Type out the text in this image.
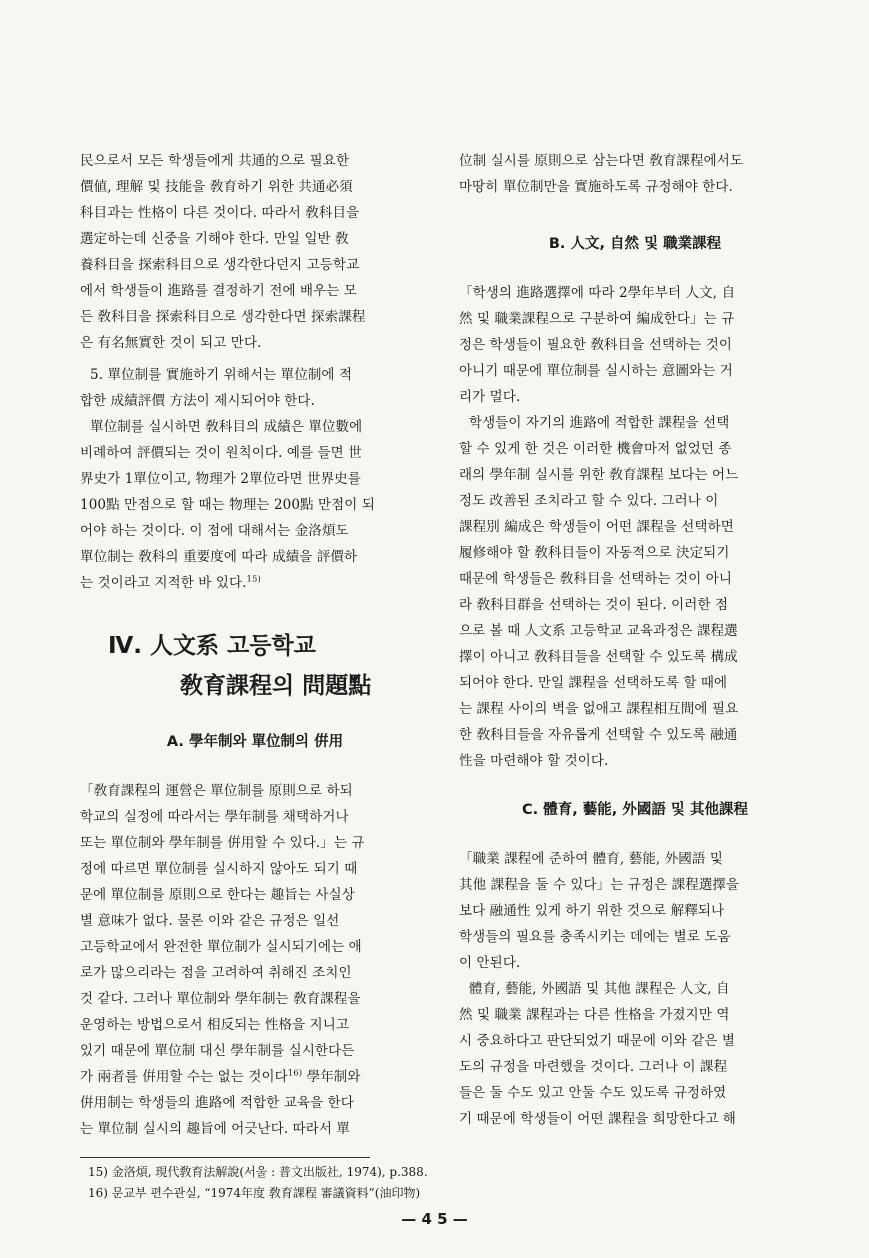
民으로서 모든 학생들에게 共通的으로 필요한
價値, 理解 및 技能을 敎育하기 위한 共通必須
科目과는 性格이 다른 것이다. 따라서 敎科目을
選定하는데 신중을 기해야 한다. 만일 일반 敎
養科目을 探索科目으로 생각한다던지 고등학교
에서 학생들이 進路를 결정하기 전에 배우는 모
든 敎科目을 探索科目으로 생각한다면 探索課程
은 有名無實한 것이 되고 만다.

5. 單位制를 實施하기 위해서는 單位制에 적
합한 成績評價 方法이 제시되어야 한다.

單位制를 실시하면 敎科目의 成績은 單位數에
비례하여 評價되는 것이 원칙이다. 예를 들면 世
界史가 1單位이고, 物理가 2單位라면 世界史를
100點 만점으로 할 때는 物理는 200點 만점이 되
어야 하는 것이다. 이 점에 대해서는 金洛煩도
單位制는 敎科의 重要度에 따라 成績을 評價하
는 것이라고 지적한 바 있다.$^{15)}$

Ⅳ. 人文系 고등학교

敎育課程의 問題點

A. 學年制와 單位制의 倂用

「敎育課程의 運營은 單位制를 原則으로 하되
학교의 실정에 따라서는 學年制를 채택하거나
또는 單位制와 學年制를 倂用할 수 있다.」는 규
정에 따르면 單位制를 실시하지 않아도 되기 때
문에 單位制를 原則으로 한다는 趣旨는 사실상
별 意味가 없다. 물론 이와 같은 규정은 일선
고등학교에서 완전한 單位制가 실시되기에는 애
로가 많으리라는 점을 고려하여 취해진 조치인
것 같다. 그러나 單位制와 學年制는 敎育課程을
운영하는 방법으로서 相反되는 性格을 지니고
있기 때문에 單位制 대신 學年制를 실시한다든
가 兩者를 倂用할 수는 없는 것이다$^{16)}$ 學年制와
倂用制는 학생들의 進路에 적합한 교육을 한다
는 單位制 실시의 趣旨에 어긋난다. 따라서 單

位制 실시를 原則으로 삼는다면 敎育課程에서도
마땅히 單位制만을 實施하도록 규정해야 한다.

B. 人文, 自然 및 職業課程

「학생의 進路選擇에 따라 2學年부터 人文, 自
然 및 職業課程으로 구분하여 編成한다」는 규
정은 학생들이 필요한 敎科目을 선택하는 것이
아니기 때문에 單位制를 실시하는 意圖와는 거
리가 멀다.

학생들이 자기의 進路에 적합한 課程을 선택
할 수 있게 한 것은 이러한 機會마저 없었던 종
래의 學年制 실시를 위한 敎育課程 보다는 어느
정도 改善된 조치라고 할 수 있다. 그러나 이
課程別 編成은 학생들이 어떤 課程을 선택하면
履修해야 할 敎科目들이 자동적으로 決定되기
때문에 학생들은 敎科目을 선택하는 것이 아니
라 敎科目群을 선택하는 것이 된다. 이러한 점
으로 볼 때 人文系 고등학교 교육과정은 課程選
擇이 아니고 敎科目들을 선택할 수 있도록 構成
되어야 한다. 만일 課程을 선택하도록 할 때에
는 課程 사이의 벽을 없애고 課程相互間에 필요
한 敎科目들을 자유롭게 선택할 수 있도록 融通
性을 마련해야 할 것이다.

C. 體育, 藝能, 外國語 및 其他課程

「職業 課程에 준하여 體育, 藝能, 外國語 및
其他 課程을 둘 수 있다」는 규정은 課程選擇을
보다 融通性 있게 하기 위한 것으로 解釋되나
학생들의 필요를 충족시키는 데에는 별로 도움
이 안된다.

體育, 藝能, 外國語 및 其他 課程은 人文, 自
然 및 職業 課程과는 다른 性格을 가졌지만 역
시 중요하다고 판단되었기 때문에 이와 같은 별
도의 규정을 마련했을 것이다. 그러나 이 課程
들은 둘 수도 있고 안둘 수도 있도록 규정하였
기 때문에 학생들이 어떤 課程을 희망한다고 해

15) 金洛煩, 現代敎育法解說(서울 : 普文出版社, 1974), p.388.

16) 문교부 편수관실, “1974年度 敎育課程 審議資料”(油印物)

— 4 5 —
